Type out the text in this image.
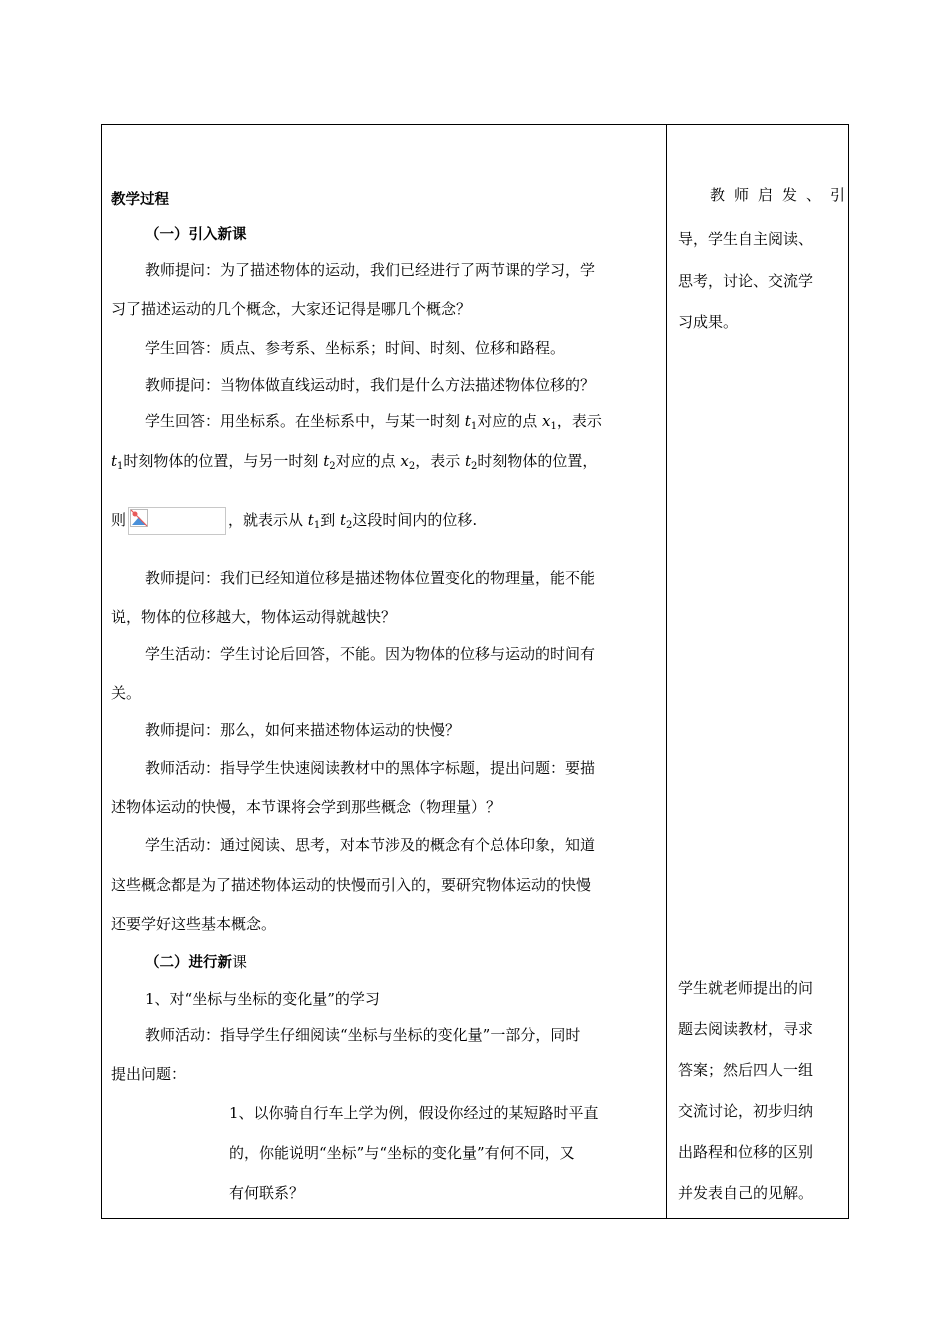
教学过程
（一）引入新课
教师提问：为了描述物体的运动，我们已经进行了两节课的学习，学
习了描述运动的几个概念，大家还记得是哪几个概念？
学生回答：质点、参考系、坐标系；时间、时刻、位移和路程。
教师提问：当物体做直线运动时，我们是什么方法描述物体位移的？
学生回答：用坐标系。在坐标系中，与某一时刻 $t_1$对应的点 $x_1$，表示
$t_1$时刻物体的位置，与另一时刻 $t_2$对应的点 $x_2$，表示 $t_2$时刻物体的位置，
则	，就表示从 $t_1$到 $t_2$这段时间内的位移.
教师提问：我们已经知道位移是描述物体位置变化的物理量，能不能
说，物体的位移越大，物体运动得就越快？
学生活动：学生讨论后回答，不能。因为物体的位移与运动的时间有
关。
教师提问：那么，如何来描述物体运动的快慢？
教师活动：指导学生快速阅读教材中的黑体字标题，提出问题：要描
述物体运动的快慢，本节课将会学到那些概念（物理量）？
学生活动：通过阅读、思考，对本节涉及的概念有个总体印象，知道
这些概念都是为了描述物体运动的快慢而引入的，要研究物体运动的快慢
还要学好这些基本概念。
（二）进行新课
1、对“坐标与坐标的变化量”的学习
教师活动：指导学生仔细阅读“坐标与坐标的变化量”一部分，同时
提出问题：
1、以你骑自行车上学为例，假设你经过的某短路时平直
的，你能说明“坐标”与“坐标的变化量”有何不同，又
有何联系？
教师启发、引
导，学生自主阅读、
思考，讨论、交流学
习成果。
学生就老师提出的问
题去阅读教材，寻求
答案；然后四人一组
交流讨论，初步归纳
出路程和位移的区别
并发表自己的见解。
